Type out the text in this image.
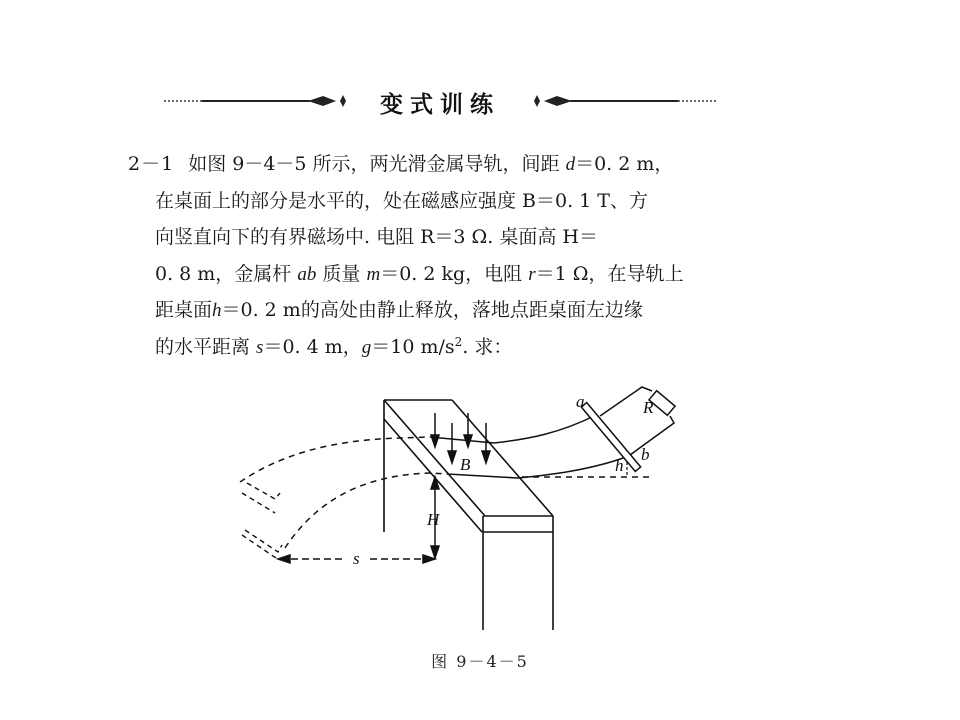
变式训练
2－1 如图 9－4－5 所示，两光滑金属导轨，间距 d＝0. 2 m，
在桌面上的部分是水平的，处在磁感应强度 B＝0. 1 T、方
向竖直向下的有界磁场中. 电阻 R＝3 Ω. 桌面高 H＝
0. 8 m，金属杆 ab 质量 m＝0. 2 kg，电阻 r＝1 Ω，在导轨上
距桌面h＝0. 2 m的高处由静止释放，落地点距桌面左边缘
的水平距离 s＝0. 4 m，g＝10 $m/s^2$. 求：
a
b
R
B
H
h
s
图 9－4－5
